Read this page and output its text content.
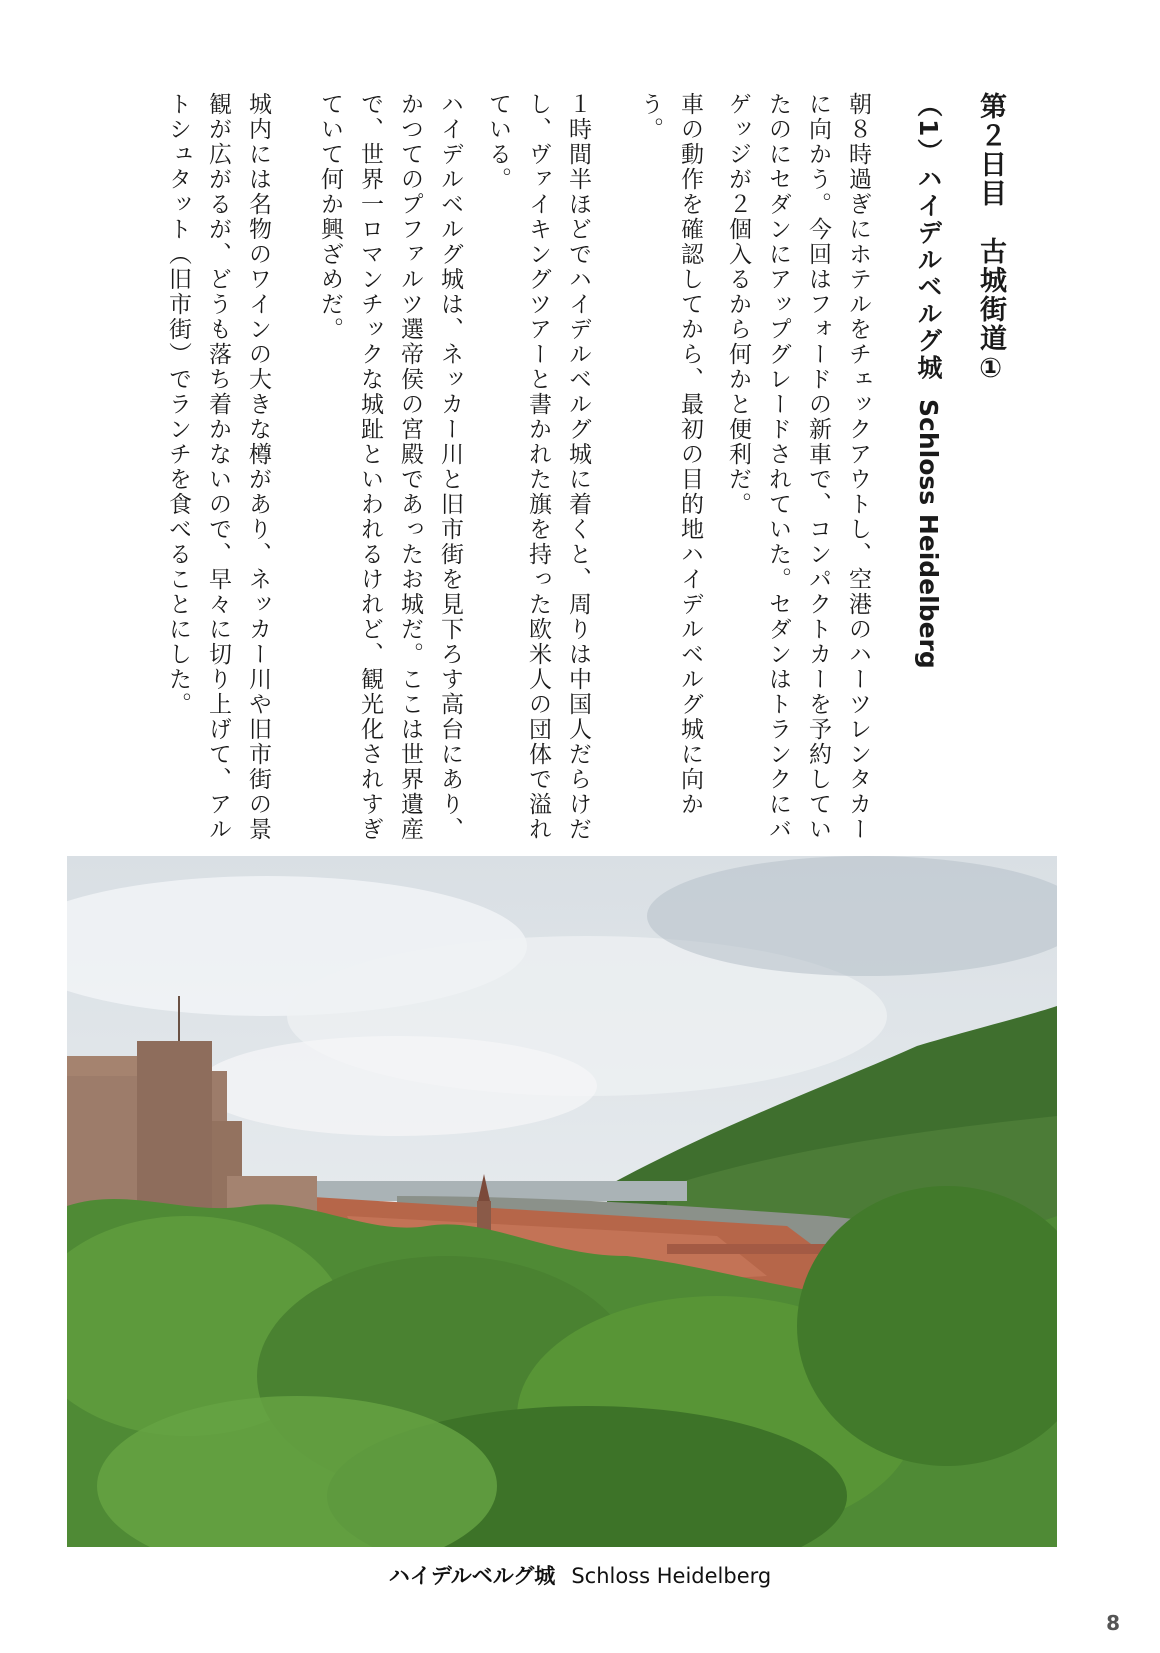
第２日目　古城街道①
（1）ハイデルベルグ城Schloss Heidelberg

朝８時過ぎにホテルをチェックアウトし、空港のハーツレンタカーに向かう。今回はフォードの新車で、コンパクトカーを予約していたのにセダンにアップグレードされていた。セダンはトランクにバゲッジが２個入るから何かと便利だ。

車の動作を確認してから、最初の目的地ハイデルベルグ城に向かう。

１時間半ほどでハイデルベルグ城に着くと、周りは中国人だらけだし、ヴァイキングツアーと書かれた旗を持った欧米人の団体で溢れている。

ハイデルベルグ城は、ネッカー川と旧市街を見下ろす高台にあり、かつてのプファルツ選帝侯の宮殿であったお城だ。ここは世界遺産で、世界一ロマンチックな城趾といわれるけれど、観光化されすぎていて何か興ざめだ。

城内には名物のワインの大きな樽があり、ネッカー川や旧市街の景観が広がるが、どうも落ち着かないので、早々に切り上げて、アルトシュタット（旧市街）でランチを食べることにした。

ハイデルベルグ城 Schloss Heidelberg
8
